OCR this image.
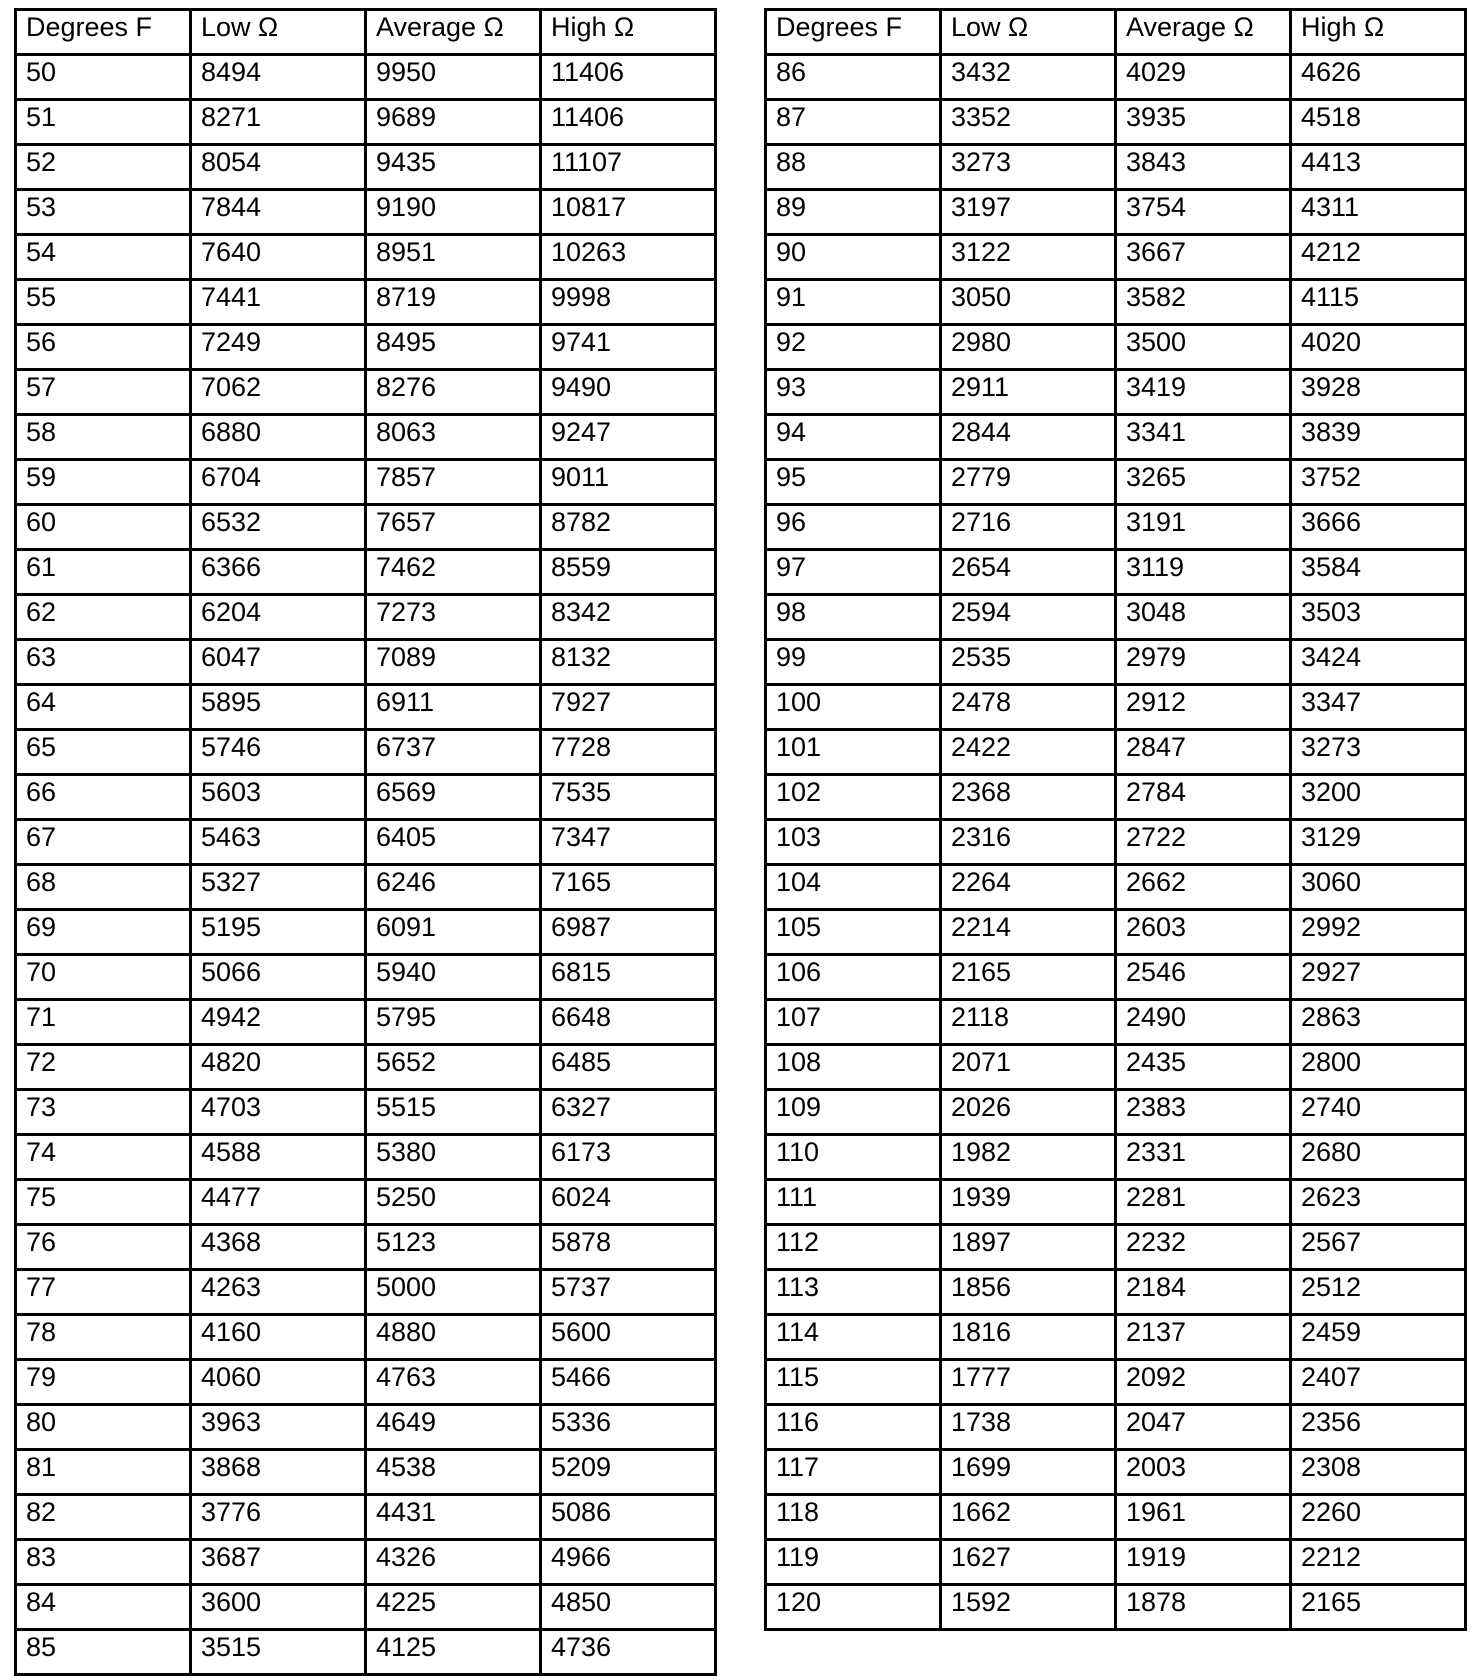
Degrees F	Low Ω	Average Ω	High Ω
50	8494	9950	11406
51	8271	9689	11406
52	8054	9435	11107
53	7844	9190	10817
54	7640	8951	10263
55	7441	8719	9998
56	7249	8495	9741
57	7062	8276	9490
58	6880	8063	9247
59	6704	7857	9011
60	6532	7657	8782
61	6366	7462	8559
62	6204	7273	8342
63	6047	7089	8132
64	5895	6911	7927
65	5746	6737	7728
66	5603	6569	7535
67	5463	6405	7347
68	5327	6246	7165
69	5195	6091	6987
70	5066	5940	6815
71	4942	5795	6648
72	4820	5652	6485
73	4703	5515	6327
74	4588	5380	6173
75	4477	5250	6024
76	4368	5123	5878
77	4263	5000	5737
78	4160	4880	5600
79	4060	4763	5466
80	3963	4649	5336
81	3868	4538	5209
82	3776	4431	5086
83	3687	4326	4966
84	3600	4225	4850
85	3515	4125	4736
Degrees F	Low Ω	Average Ω	High Ω
86	3432	4029	4626
87	3352	3935	4518
88	3273	3843	4413
89	3197	3754	4311
90	3122	3667	4212
91	3050	3582	4115
92	2980	3500	4020
93	2911	3419	3928
94	2844	3341	3839
95	2779	3265	3752
96	2716	3191	3666
97	2654	3119	3584
98	2594	3048	3503
99	2535	2979	3424
100	2478	2912	3347
101	2422	2847	3273
102	2368	2784	3200
103	2316	2722	3129
104	2264	2662	3060
105	2214	2603	2992
106	2165	2546	2927
107	2118	2490	2863
108	2071	2435	2800
109	2026	2383	2740
110	1982	2331	2680
111	1939	2281	2623
112	1897	2232	2567
113	1856	2184	2512
114	1816	2137	2459
115	1777	2092	2407
116	1738	2047	2356
117	1699	2003	2308
118	1662	1961	2260
119	1627	1919	2212
120	1592	1878	2165
